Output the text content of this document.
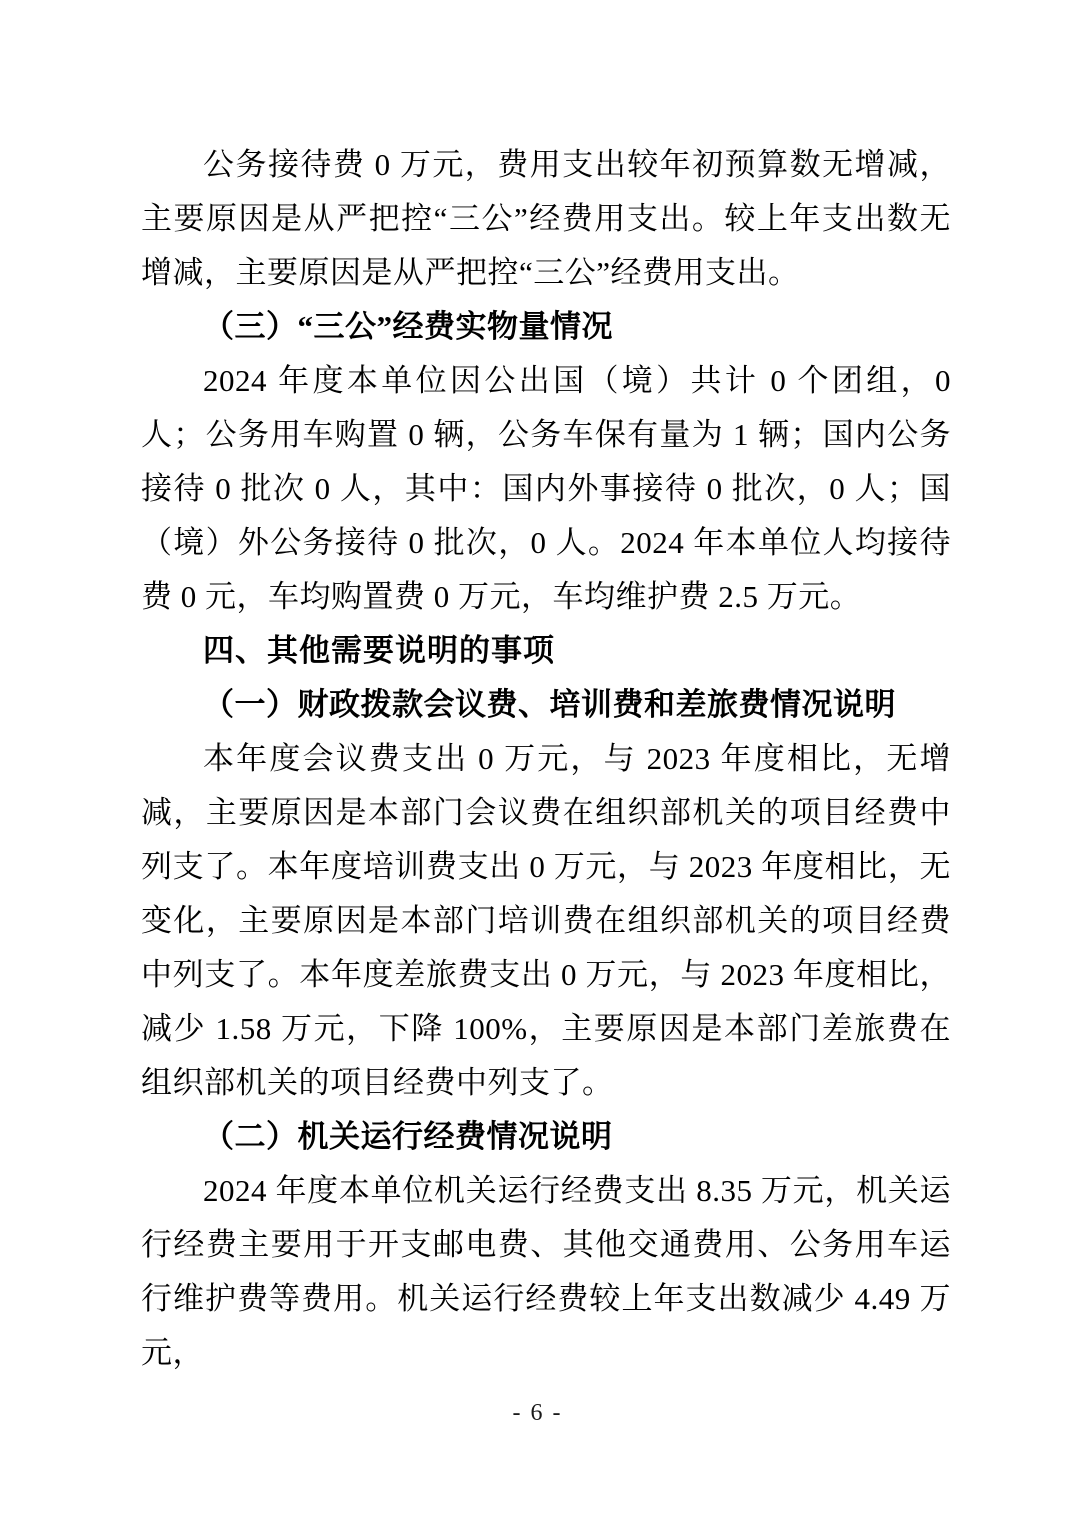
公务接待费 0 万元，费用支出较年初预算数无增减，主要原因是从严把控“三公”经费用支出。较上年支出数无增减，主要原因是从严把控“三公”经费用支出。

（三）“三公”经费实物量情况

2024 年度本单位因公出国（境）共计 0 个团组，0 人；公务用车购置 0 辆，公务车保有量为 1 辆；国内公务接待 0 批次 0 人，其中：国内外事接待 0 批次，0 人；国（境）外公务接待 0 批次，0 人。2024 年本单位人均接待费 0 元，车均购置费 0 万元，车均维护费 2.5 万元。

四、其他需要说明的事项
（一）财政拨款会议费、培训费和差旅费情况说明

本年度会议费支出 0 万元，与 2023 年度相比，无增减，主要原因是本部门会议费在组织部机关的项目经费中列支了。本年度培训费支出 0 万元，与 2023 年度相比，无变化，主要原因是本部门培训费在组织部机关的项目经费中列支了。本年度差旅费支出 0 万元，与 2023 年度相比，减少 1.58 万元，下降 100%，主要原因是本部门差旅费在组织部机关的项目经费中列支了。

（二）机关运行经费情况说明

2024 年度本单位机关运行经费支出 8.35 万元，机关运行经费主要用于开支邮电费、其他交通费用、公务用车运行维护费等费用。机关运行经费较上年支出数减少 4.49 万元，

- 6 -
